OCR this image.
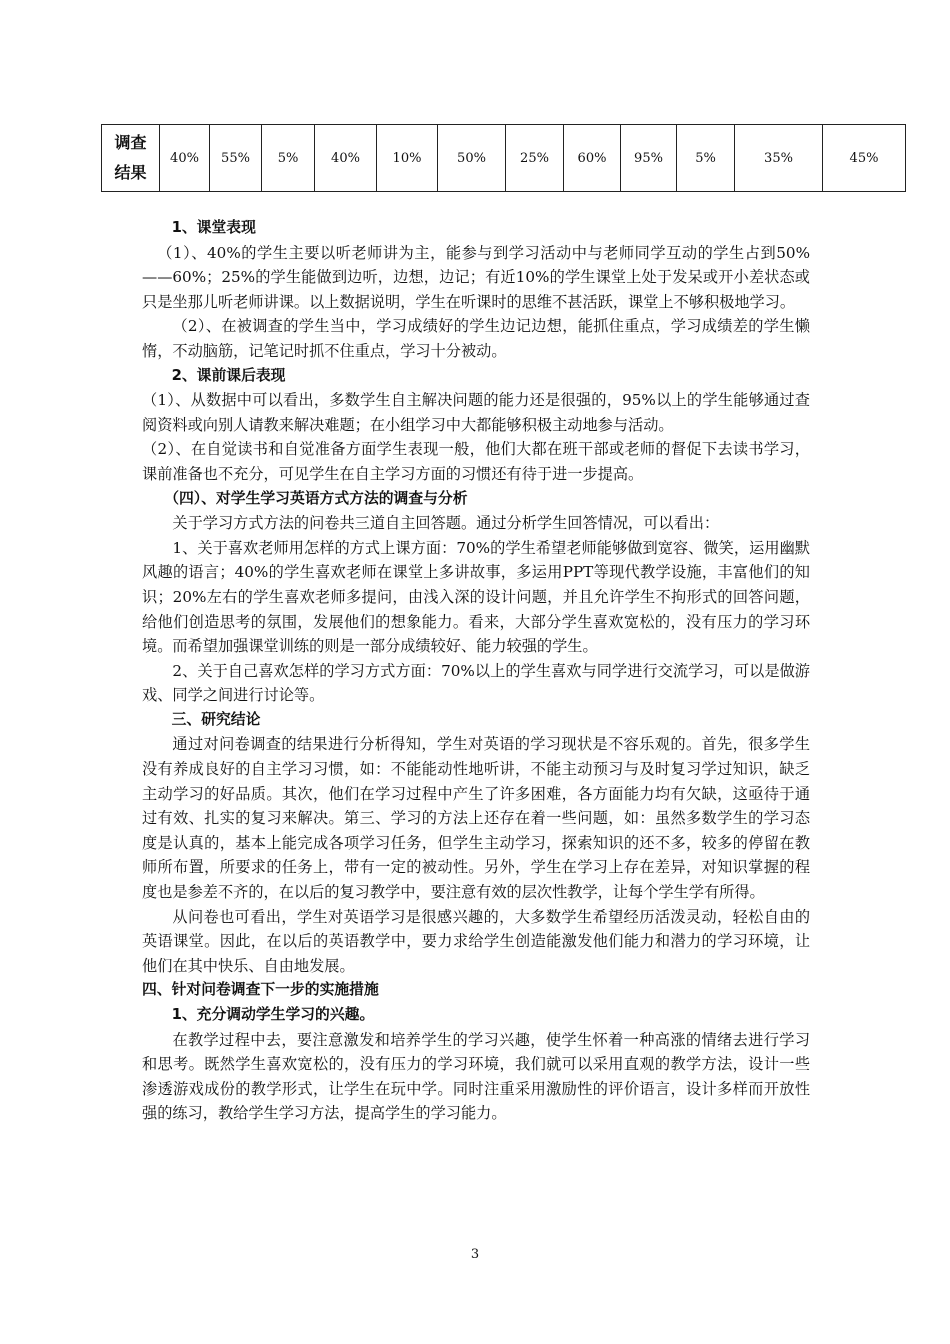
调查
结果
	40%	55%	5%	40%	10%	50%	25%	60%	95%	5%	35%	45%

1、课堂表现

（1）、40%的学生主要以听老师讲为主，能参与到学习活动中与老师同学互动的学生占到50%——60%；25%的学生能做到边听，边想，边记；有近10%的学生课堂上处于发呆或开小差状态或只是坐那儿听老师讲课。以上数据说明，学生在听课时的思维不甚活跃，课堂上不够积极地学习。

（2）、在被调查的学生当中，学习成绩好的学生边记边想，能抓住重点，学习成绩差的学生懒惰，不动脑筋，记笔记时抓不住重点，学习十分被动。

2、课前课后表现

（1）、从数据中可以看出，多数学生自主解决问题的能力还是很强的，95%以上的学生能够通过查阅资料或向别人请教来解决难题；在小组学习中大都能够积极主动地参与活动。

（2）、在自觉读书和自觉准备方面学生表现一般，他们大都在班干部或老师的督促下去读书学习，课前准备也不充分，可见学生在自主学习方面的习惯还有待于进一步提高。

（四）、对学生学习英语方式方法的调查与分析

关于学习方式方法的问卷共三道自主回答题。通过分析学生回答情况，可以看出：

1、关于喜欢老师用怎样的方式上课方面：70%的学生希望老师能够做到宽容、微笑，运用幽默风趣的语言；40%的学生喜欢老师在课堂上多讲故事，多运用PPT等现代教学设施，丰富他们的知识；20%左右的学生喜欢老师多提问，由浅入深的设计问题，并且允许学生不拘形式的回答问题，给他们创造思考的氛围，发展他们的想象能力。看来，大部分学生喜欢宽松的，没有压力的学习环境。而希望加强课堂训练的则是一部分成绩较好、能力较强的学生。

2、关于自己喜欢怎样的学习方式方面：70%以上的学生喜欢与同学进行交流学习，可以是做游戏、同学之间进行讨论等。

三、研究结论

通过对问卷调查的结果进行分析得知，学生对英语的学习现状是不容乐观的。首先，很多学生没有养成良好的自主学习习惯，如：不能能动性地听讲，不能主动预习与及时复习学过知识，缺乏主动学习的好品质。其次，他们在学习过程中产生了许多困难，各方面能力均有欠缺，这亟待于通过有效、扎实的复习来解决。第三、学习的方法上还存在着一些问题，如：虽然多数学生的学习态度是认真的，基本上能完成各项学习任务，但学生主动学习，探索知识的还不多，较多的停留在教师所布置，所要求的任务上，带有一定的被动性。另外，学生在学习上存在差异，对知识掌握的程度也是参差不齐的，在以后的复习教学中，要注意有效的层次性教学，让每个学生学有所得。

从问卷也可看出，学生对英语学习是很感兴趣的，大多数学生希望经历活泼灵动，轻松自由的英语课堂。因此，在以后的英语教学中，要力求给学生创造能激发他们能力和潜力的学习环境，让他们在其中快乐、自由地发展。

四、针对问卷调查下一步的实施措施

1、充分调动学生学习的兴趣。

在教学过程中去，要注意激发和培养学生的学习兴趣，使学生怀着一种高涨的情绪去进行学习和思考。既然学生喜欢宽松的，没有压力的学习环境，我们就可以采用直观的教学方法，设计一些渗透游戏成份的教学形式，让学生在玩中学。同时注重采用激励性的评价语言，设计多样而开放性强的练习，教给学生学习方法，提高学生的学习能力。

3
